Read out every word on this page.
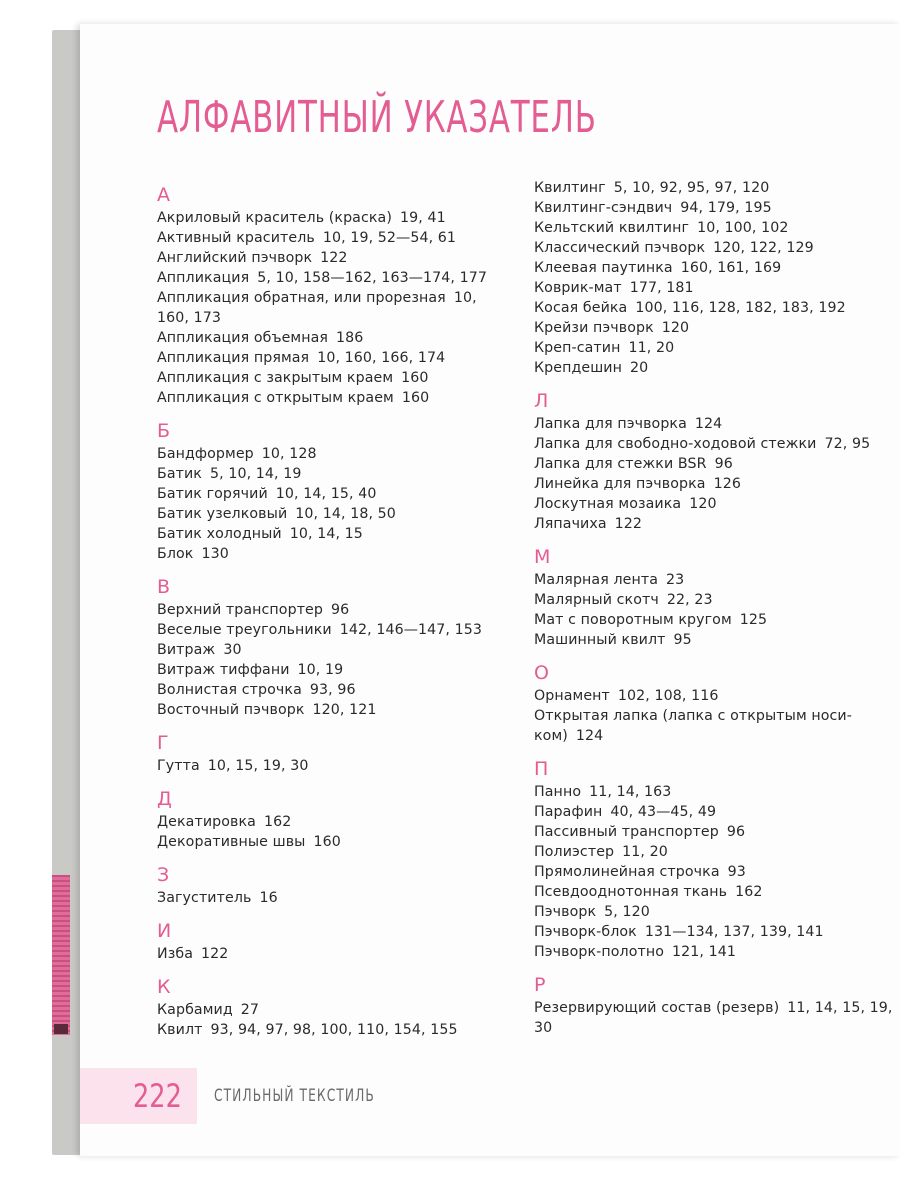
АЛФАВИТНЫЙ УКАЗАТЕЛЬ
А
Акриловый краситель (краска) 19, 41
Активный краситель 10, 19, 52—54, 61
Английский пэчворк 122
Аппликация 5, 10, 158—162, 163—174, 177
Аппликация обратная, или прорезная 10, 160, 173
Аппликация объемная 186
Аппликация прямая 10, 160, 166, 174
Аппликация с закрытым краем 160
Аппликация с открытым краем 160
Б
Бандформер 10, 128
Батик 5, 10, 14, 19
Батик горячий 10, 14, 15, 40
Батик узелковый 10, 14, 18, 50
Батик холодный 10, 14, 15
Блок 130
В
Верхний транспортер 96
Веселые треугольники 142, 146—147, 153
Витраж 30
Витраж тиффани 10, 19
Волнистая строчка 93, 96
Восточный пэчворк 120, 121
Г
Гутта 10, 15, 19, 30
Д
Декатировка 162
Декоративные швы 160
З
Загуститель 16
И
Изба 122
К
Карбамид 27
Квилт 93, 94, 97, 98, 100, 110, 154, 155
Квилтинг 5, 10, 92, 95, 97, 120
Квилтинг-сэндвич 94, 179, 195
Кельтский квилтинг 10, 100, 102
Классический пэчворк 120, 122, 129
Клеевая паутинка 160, 161, 169
Коврик-мат 177, 181
Косая бейка 100, 116, 128, 182, 183, 192
Крейзи пэчворк 120
Креп-сатин 11, 20
Крепдешин 20
Л
Лапка для пэчворка 124
Лапка для свободно-ходовой стежки 72, 95
Лапка для стежки BSR 96
Линейка для пэчворка 126
Лоскутная мозаика 120
Ляпачиха 122
М
Малярная лента 23
Малярный скотч 22, 23
Мат с поворотным кругом 125
Машинный квилт 95
О
Орнамент 102, 108, 116
Открытая лапка (лапка с открытым носи-ком) 124
П
Панно 11, 14, 163
Парафин 40, 43—45, 49
Пассивный транспортер 96
Полиэстер 11, 20
Прямолинейная строчка 93
Псевдооднотонная ткань 162
Пэчворк 5, 120
Пэчворк-блок 131—134, 137, 139, 141
Пэчворк-полотно 121, 141
Р
Резервирующий состав (резерв) 11, 14, 15, 19, 30

222 СТИЛЬНЫЙ ТЕКСТИЛЬ
